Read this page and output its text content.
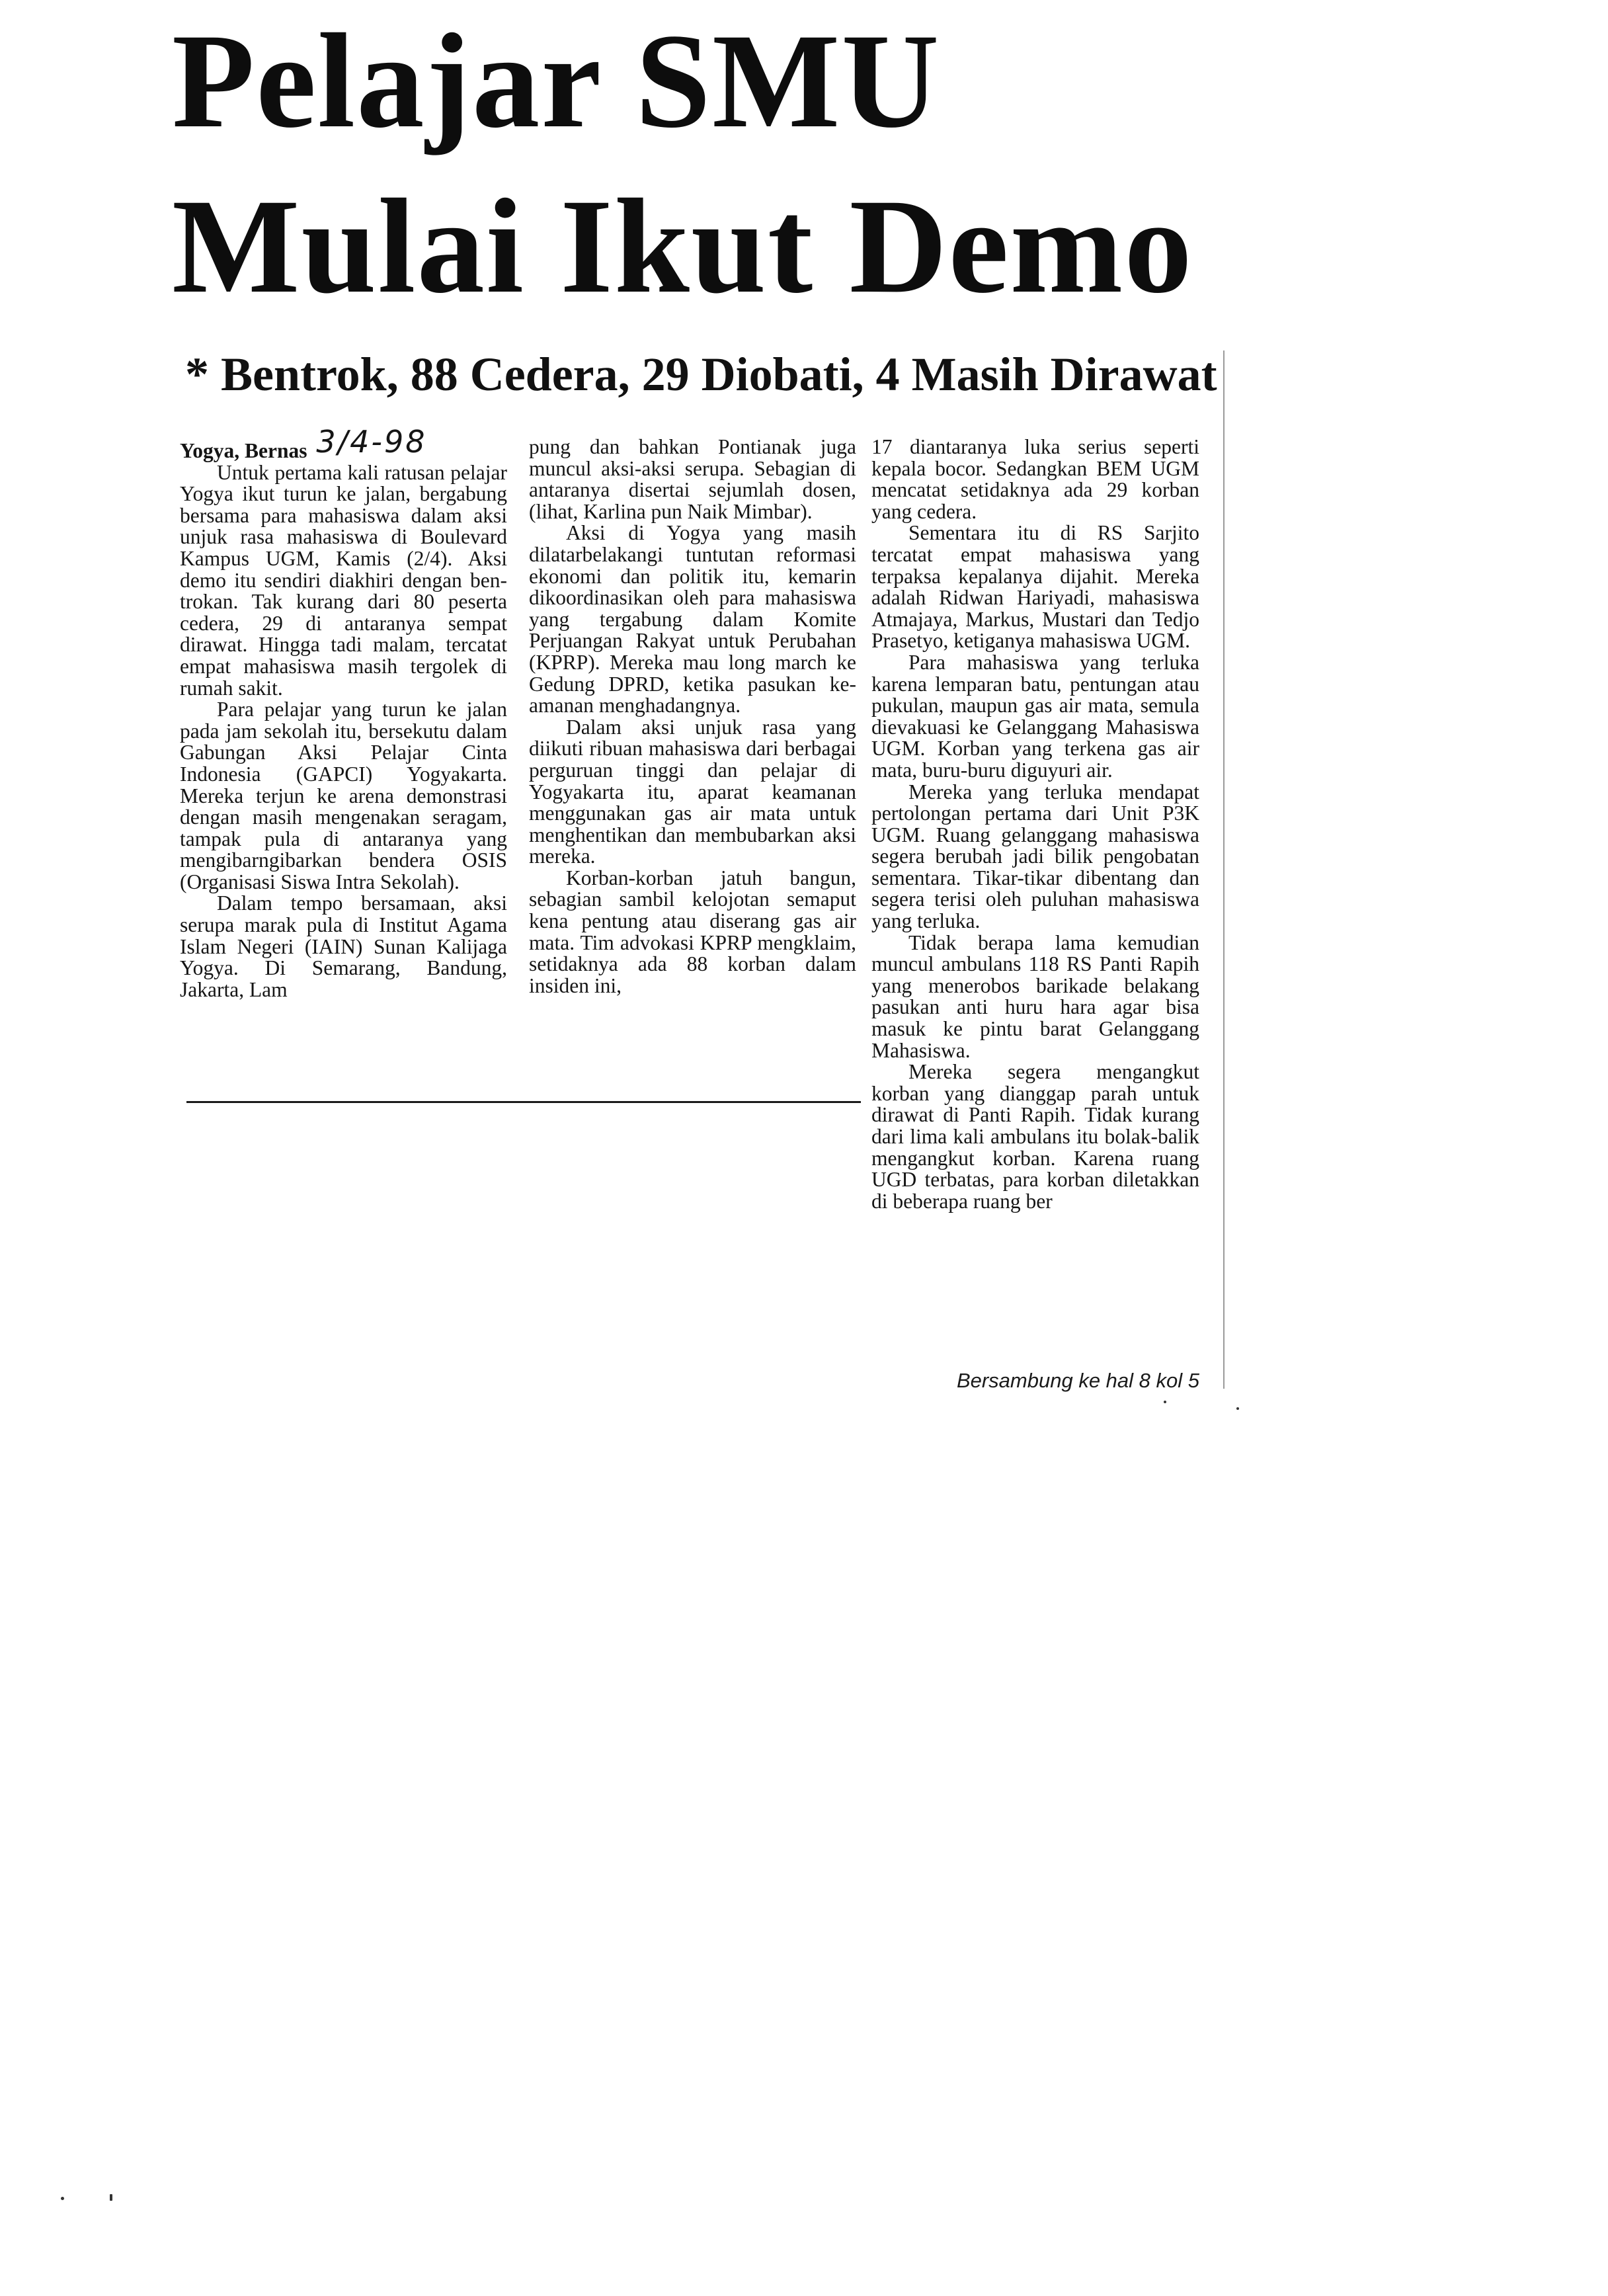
Pelajar SMU
Mulai Ikut Demo
* Bentrok, 88 Cedera, 29 Diobati, 4 Masih Dirawat

Yogya, Bernas 3/4-98

Untuk pertama kali ratusan pelajar Yogya ikut turun ke jalan, bergabung bersama para mahasiswa dalam aksi unjuk rasa mahasiswa di Boulevard Kampus UGM, Kamis (2/4). Aksi demo itu sendiri diakhiri dengan bentrokan. Tak kurang dari 80 peserta cedera, 29 di antaranya sempat dirawat. Hingga tadi malam, tercatat empat mahasiswa masih tergolek di rumah sakit.

Para pelajar yang turun ke jalan pada jam sekolah itu, bersekutu dalam Gabungan Aksi Pelajar Cinta Indonesia (GAPCI) Yogyakarta. Mereka terjun ke arena demonstrasi dengan masih mengenakan seragam, tampak pula di antaranya yang mengibarngibarkan bendera OSIS (Organisasi Siswa Intra Sekolah).

Dalam tempo bersamaan, aksi serupa marak pula di Institut Agama Islam Negeri (IAIN) Sunan Kalijaga Yogya. Di Semarang, Bandung, Jakarta, Lam

pung dan bahkan Pontianak juga muncul aksi-aksi serupa. Sebagian di antaranya disertai sejumlah dosen, (lihat, Karlina pun Naik Mimbar).

Aksi di Yogya yang masih dilatarbelakangi tuntutan reformasi ekonomi dan politik itu, kemarin dikoordinasikan oleh para mahasiswa yang tergabung dalam Komite Perjuangan Rakyat untuk Perubahan (KPRP). Mereka mau long march ke Gedung DPRD, ketika pasukan keamanan menghadangnya.

Dalam aksi unjuk rasa yang diikuti ribuan mahasiswa dari berbagai perguruan tinggi dan pelajar di Yogyakarta itu, aparat keamanan menggunakan gas air mata untuk menghentikan dan membubarkan aksi mereka.

Korban-korban jatuh bangun, sebagian sambil kelojotan semaput kena pentung atau diserang gas air mata. Tim advokasi KPRP mengklaim, setidaknya ada 88 korban dalam insiden ini,

17 diantaranya luka serius seperti kepala bocor. Sedangkan BEM UGM mencatat setidaknya ada 29 korban yang cedera.

Sementara itu di RS Sarjito tercatat empat mahasiswa yang terpaksa kepalanya dijahit. Mereka adalah Ridwan Hariyadi, mahasiswa Atmajaya, Markus, Mustari dan Tedjo Prasetyo, ketiganya mahasiswa UGM.

Para mahasiswa yang terluka karena lemparan batu, pentungan atau pukulan, maupun gas air mata, semula dievakuasi ke Gelanggang Mahasiswa UGM. Korban yang terkena gas air mata, buru-buru diguyuri air.

Mereka yang terluka mendapat pertolongan pertama dari Unit P3K UGM. Ruang gelanggang mahasiswa segera berubah jadi bilik pengobatan sementara. Tikar-tikar dibentang dan segera terisi oleh puluhan mahasiswa yang terluka.

Tidak berapa lama kemudian muncul ambulans 118 RS Panti Rapih yang menerobos barikade belakang pasukan anti huru hara agar bisa masuk ke pintu barat Gelanggang Mahasiswa.

Mereka segera mengangkut korban yang dianggap parah untuk dirawat di Panti Rapih. Tidak kurang dari lima kali ambulans itu bolak-balik mengangkut korban. Karena ruang UGD terbatas, para korban diletakkan di beberapa ruang ber

Bersambung ke hal 8 kol 5
